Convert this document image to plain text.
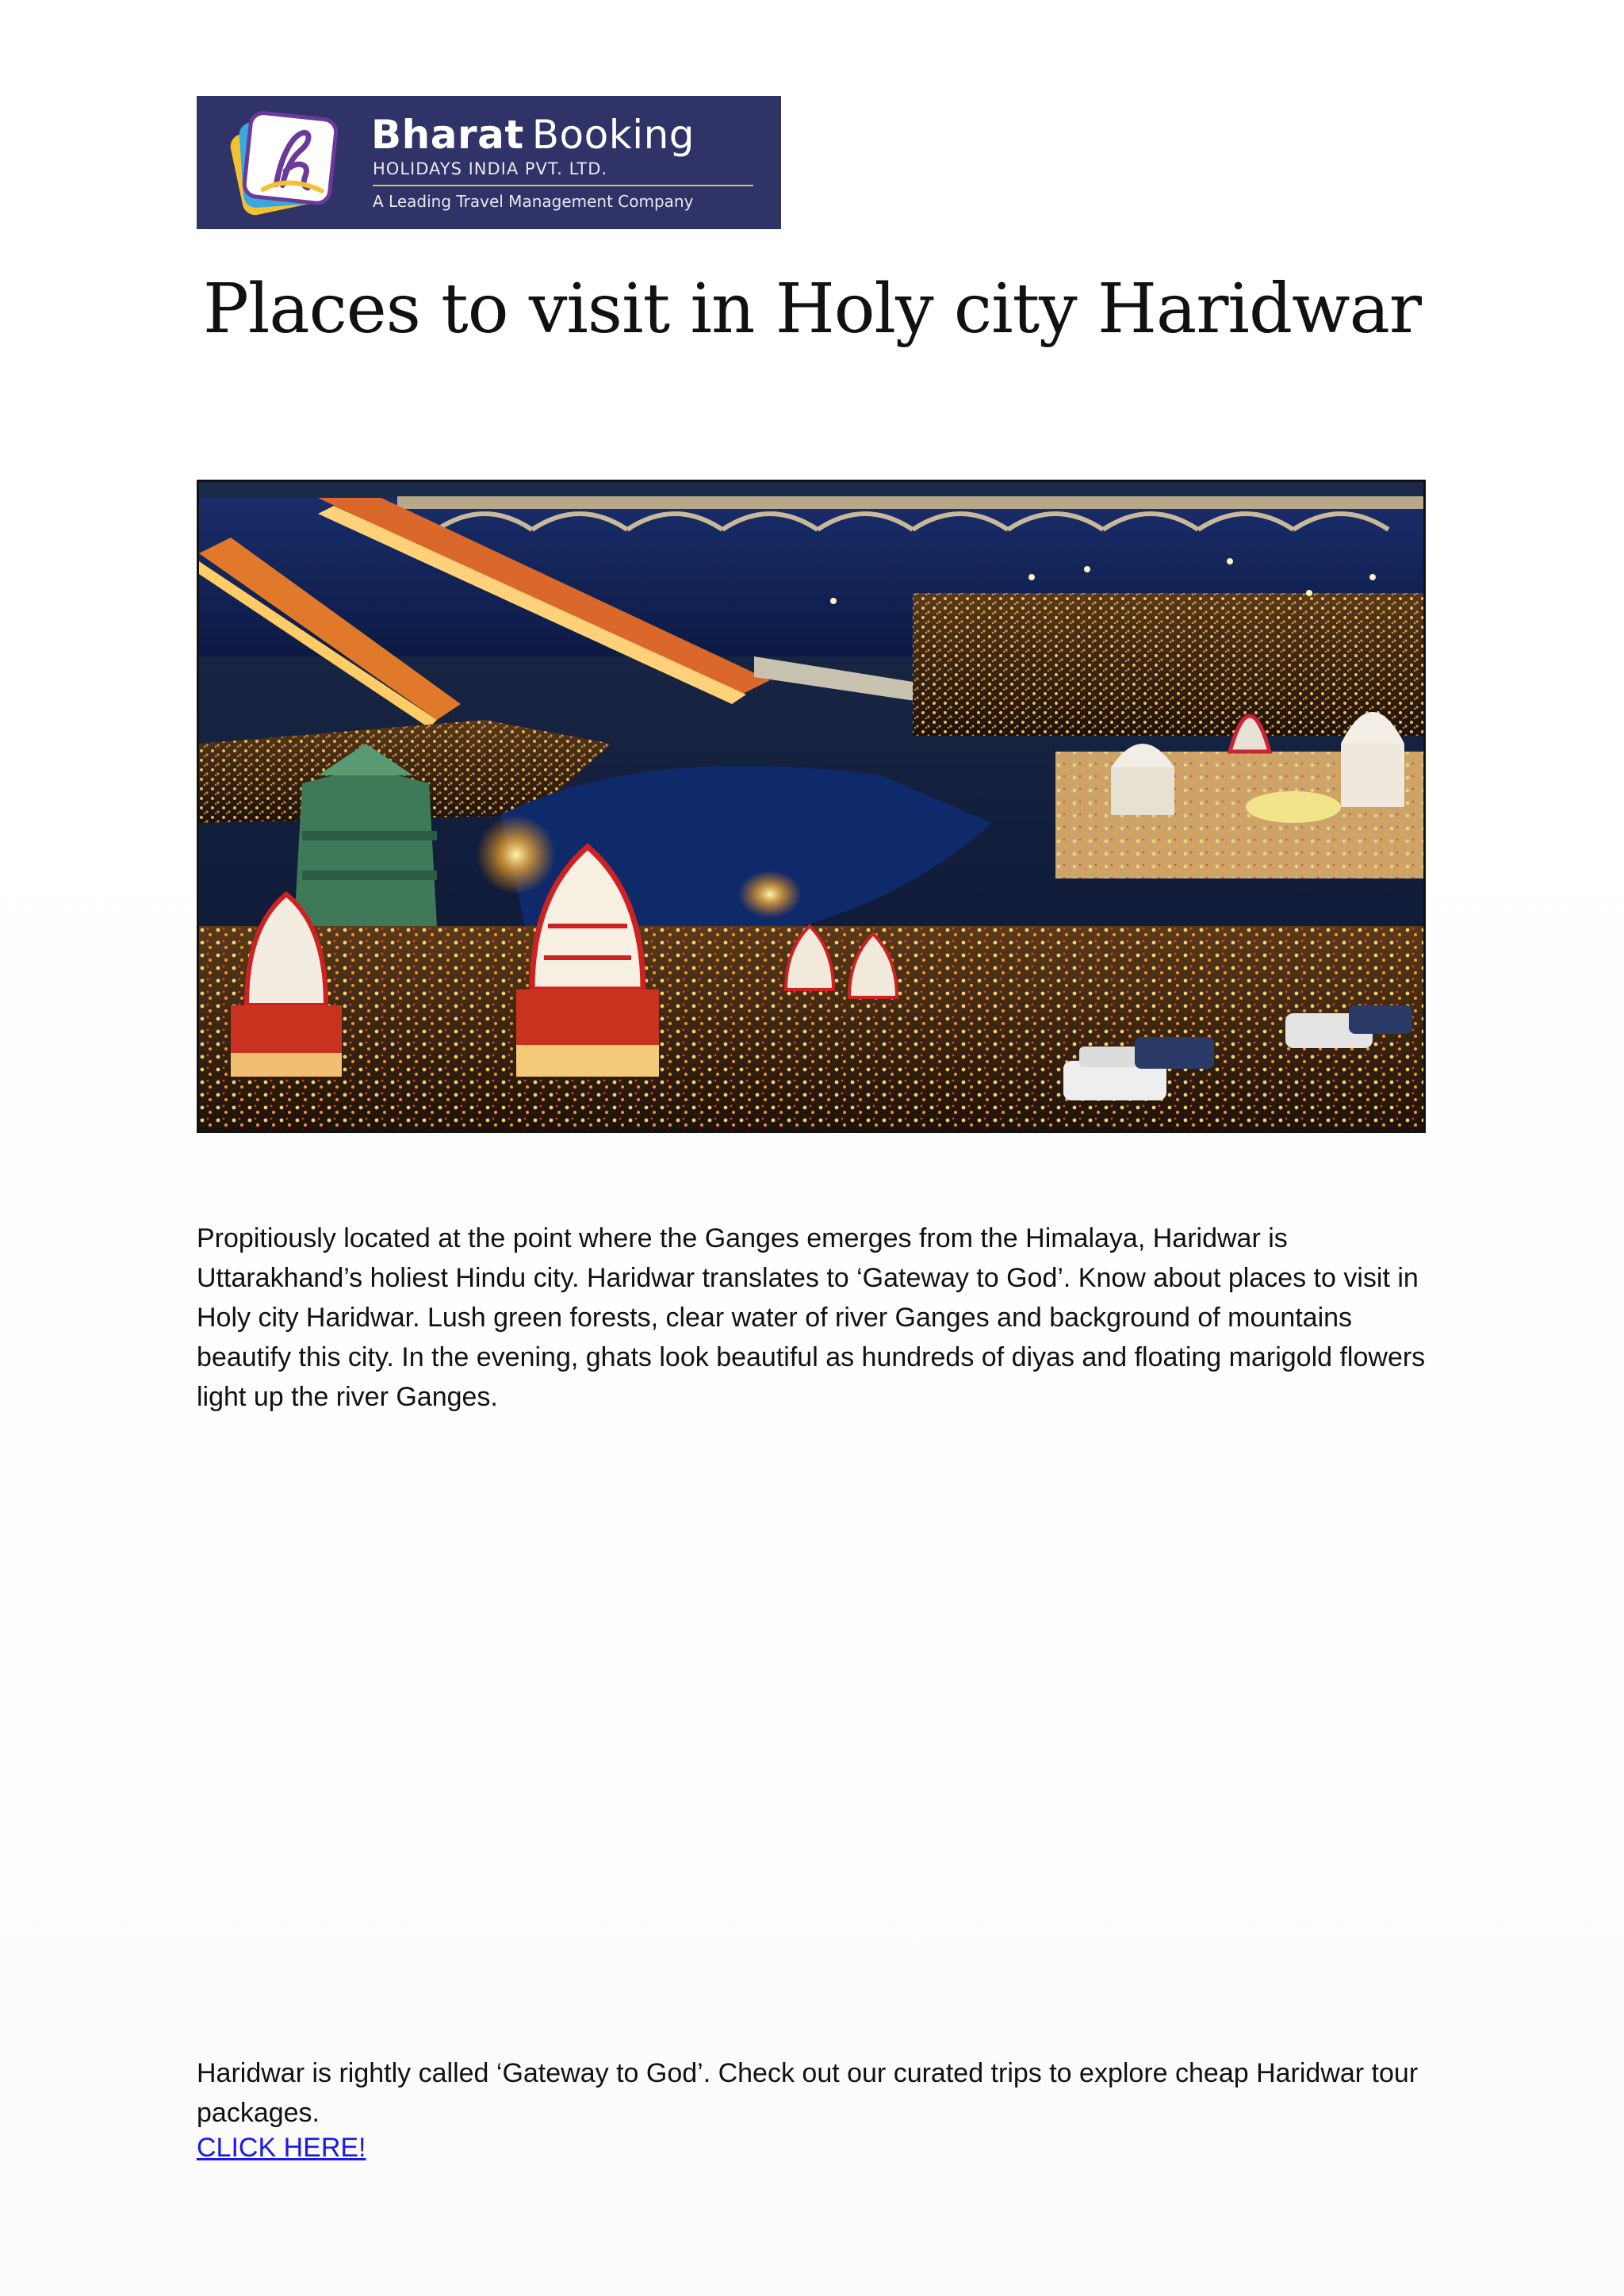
Bharat Booking
HOLIDAYS INDIA PVT. LTD.
A Leading Travel Management Company
Places to visit in Holy city Haridwar

Propitiously located at the point where the Ganges emerges from the Himalaya, Haridwar is Uttarakhand’s holiest Hindu city. Haridwar translates to ‘Gateway to God’. Know about places to visit in Holy city Haridwar. Lush green forests, clear water of river Ganges and background of mountains beautify this city. In the evening, ghats look beautiful as hundreds of diyas and floating marigold flowers light up the river Ganges.

Haridwar is rightly called ‘Gateway to God’. Check out our curated trips to explore cheap Haridwar tour packages.

CLICK HERE!
